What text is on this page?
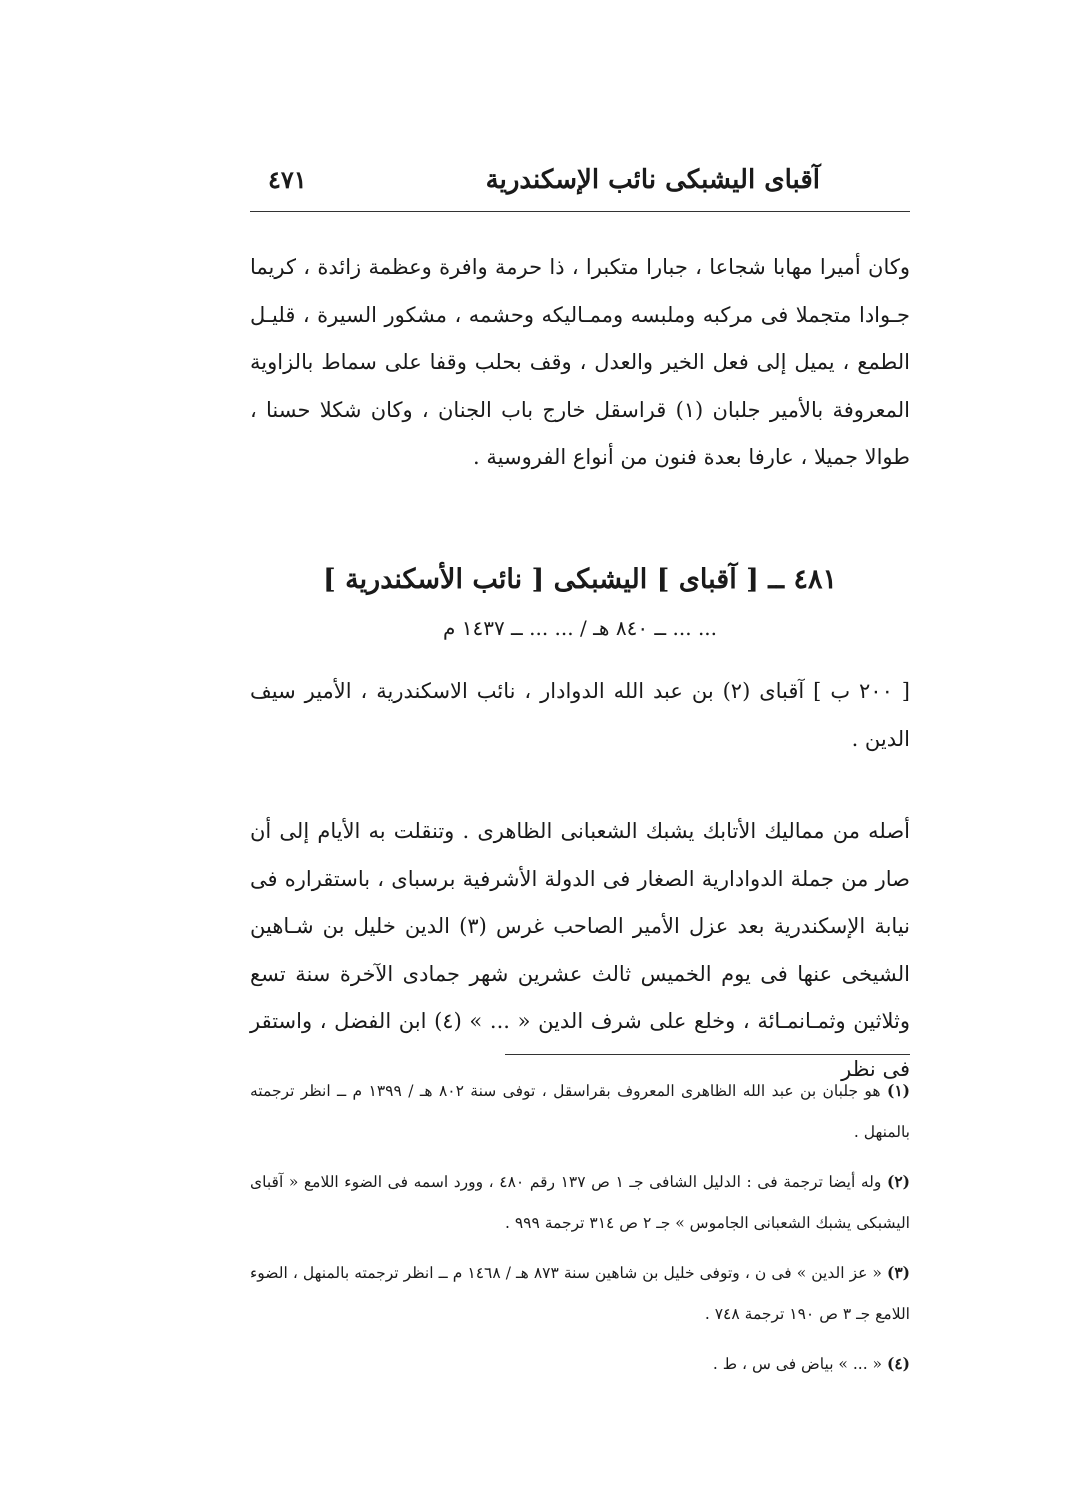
آقباى اليشبكى نائب الإسكندرية
٤٧١

وكان أميرا مهابا شجاعا ، جبارا متكبرا ، ذا حرمة وافرة وعظمة زائدة ، كريما جـوادا متجملا فى مركبه وملبسه وممـاليكه وحشمه ، مشكور السيرة ، قليـل الطمع ، يميل إلى فعل الخير والعدل ، وقف بحلب وقفا على سماط بالزاوية المعروفة بالأمير جلبان (١) قراسقل خارج باب الجنان ، وكان شكلا حسنا ، طوالا جميلا ، عارفا بعدة فنون من أنواع الفروسية .

٤٨١ ــ [ آقباى ] اليشبكى [ نائب الأسكندرية ]
... ... ــ ٨٤٠ هـ / ... ... ــ ١٤٣٧ م

[ ٢٠٠ ب ] آقباى (٢) بن عبد الله الدوادار ، نائب الاسكندرية ، الأمير سيف الدين .

أصله من مماليك الأتابك يشبك الشعبانى الظاهرى . وتنقلت به الأيام إلى أن صار من جملة الدوادارية الصغار فى الدولة الأشرفية برسباى ، باستقراره فى نيابة الإسكندرية بعد عزل الأمير الصاحب غرس (٣) الدين خليل بن شـاهين الشيخى عنها فى يوم الخميس ثالث عشرين شهر جمادى الآخرة سنة تسع وثلاثين وثمـانمـائة ، وخلع على شرف الدين « ... » (٤) ابن الفضل ، واستقر فى نظر

(١) هو جلبان بن عبد الله الظاهرى المعروف بقراسقل ، توفى سنة ٨٠٢ هـ / ١٣٩٩ م ــ انظر ترجمته بالمنهل .

(٢) وله أيضا ترجمة فى : الدليل الشافى جـ ١ ص ١٣٧ رقم ٤٨٠ ، وورد اسمه فى الضوء اللامع « آقباى اليشبكى يشبك الشعبانى الجاموس » جـ ٢ ص ٣١٤ ترجمة ٩٩٩ .

(٣) « عز الدين » فى ن ، وتوفى خليل بن شاهين سنة ٨٧٣ هـ / ١٤٦٨ م ــ انظر ترجمته بالمنهل ، الضوء اللامع جـ ٣ ص ١٩٠ ترجمة ٧٤٨ .

(٤) « ... » بياض فى س ، ط .
